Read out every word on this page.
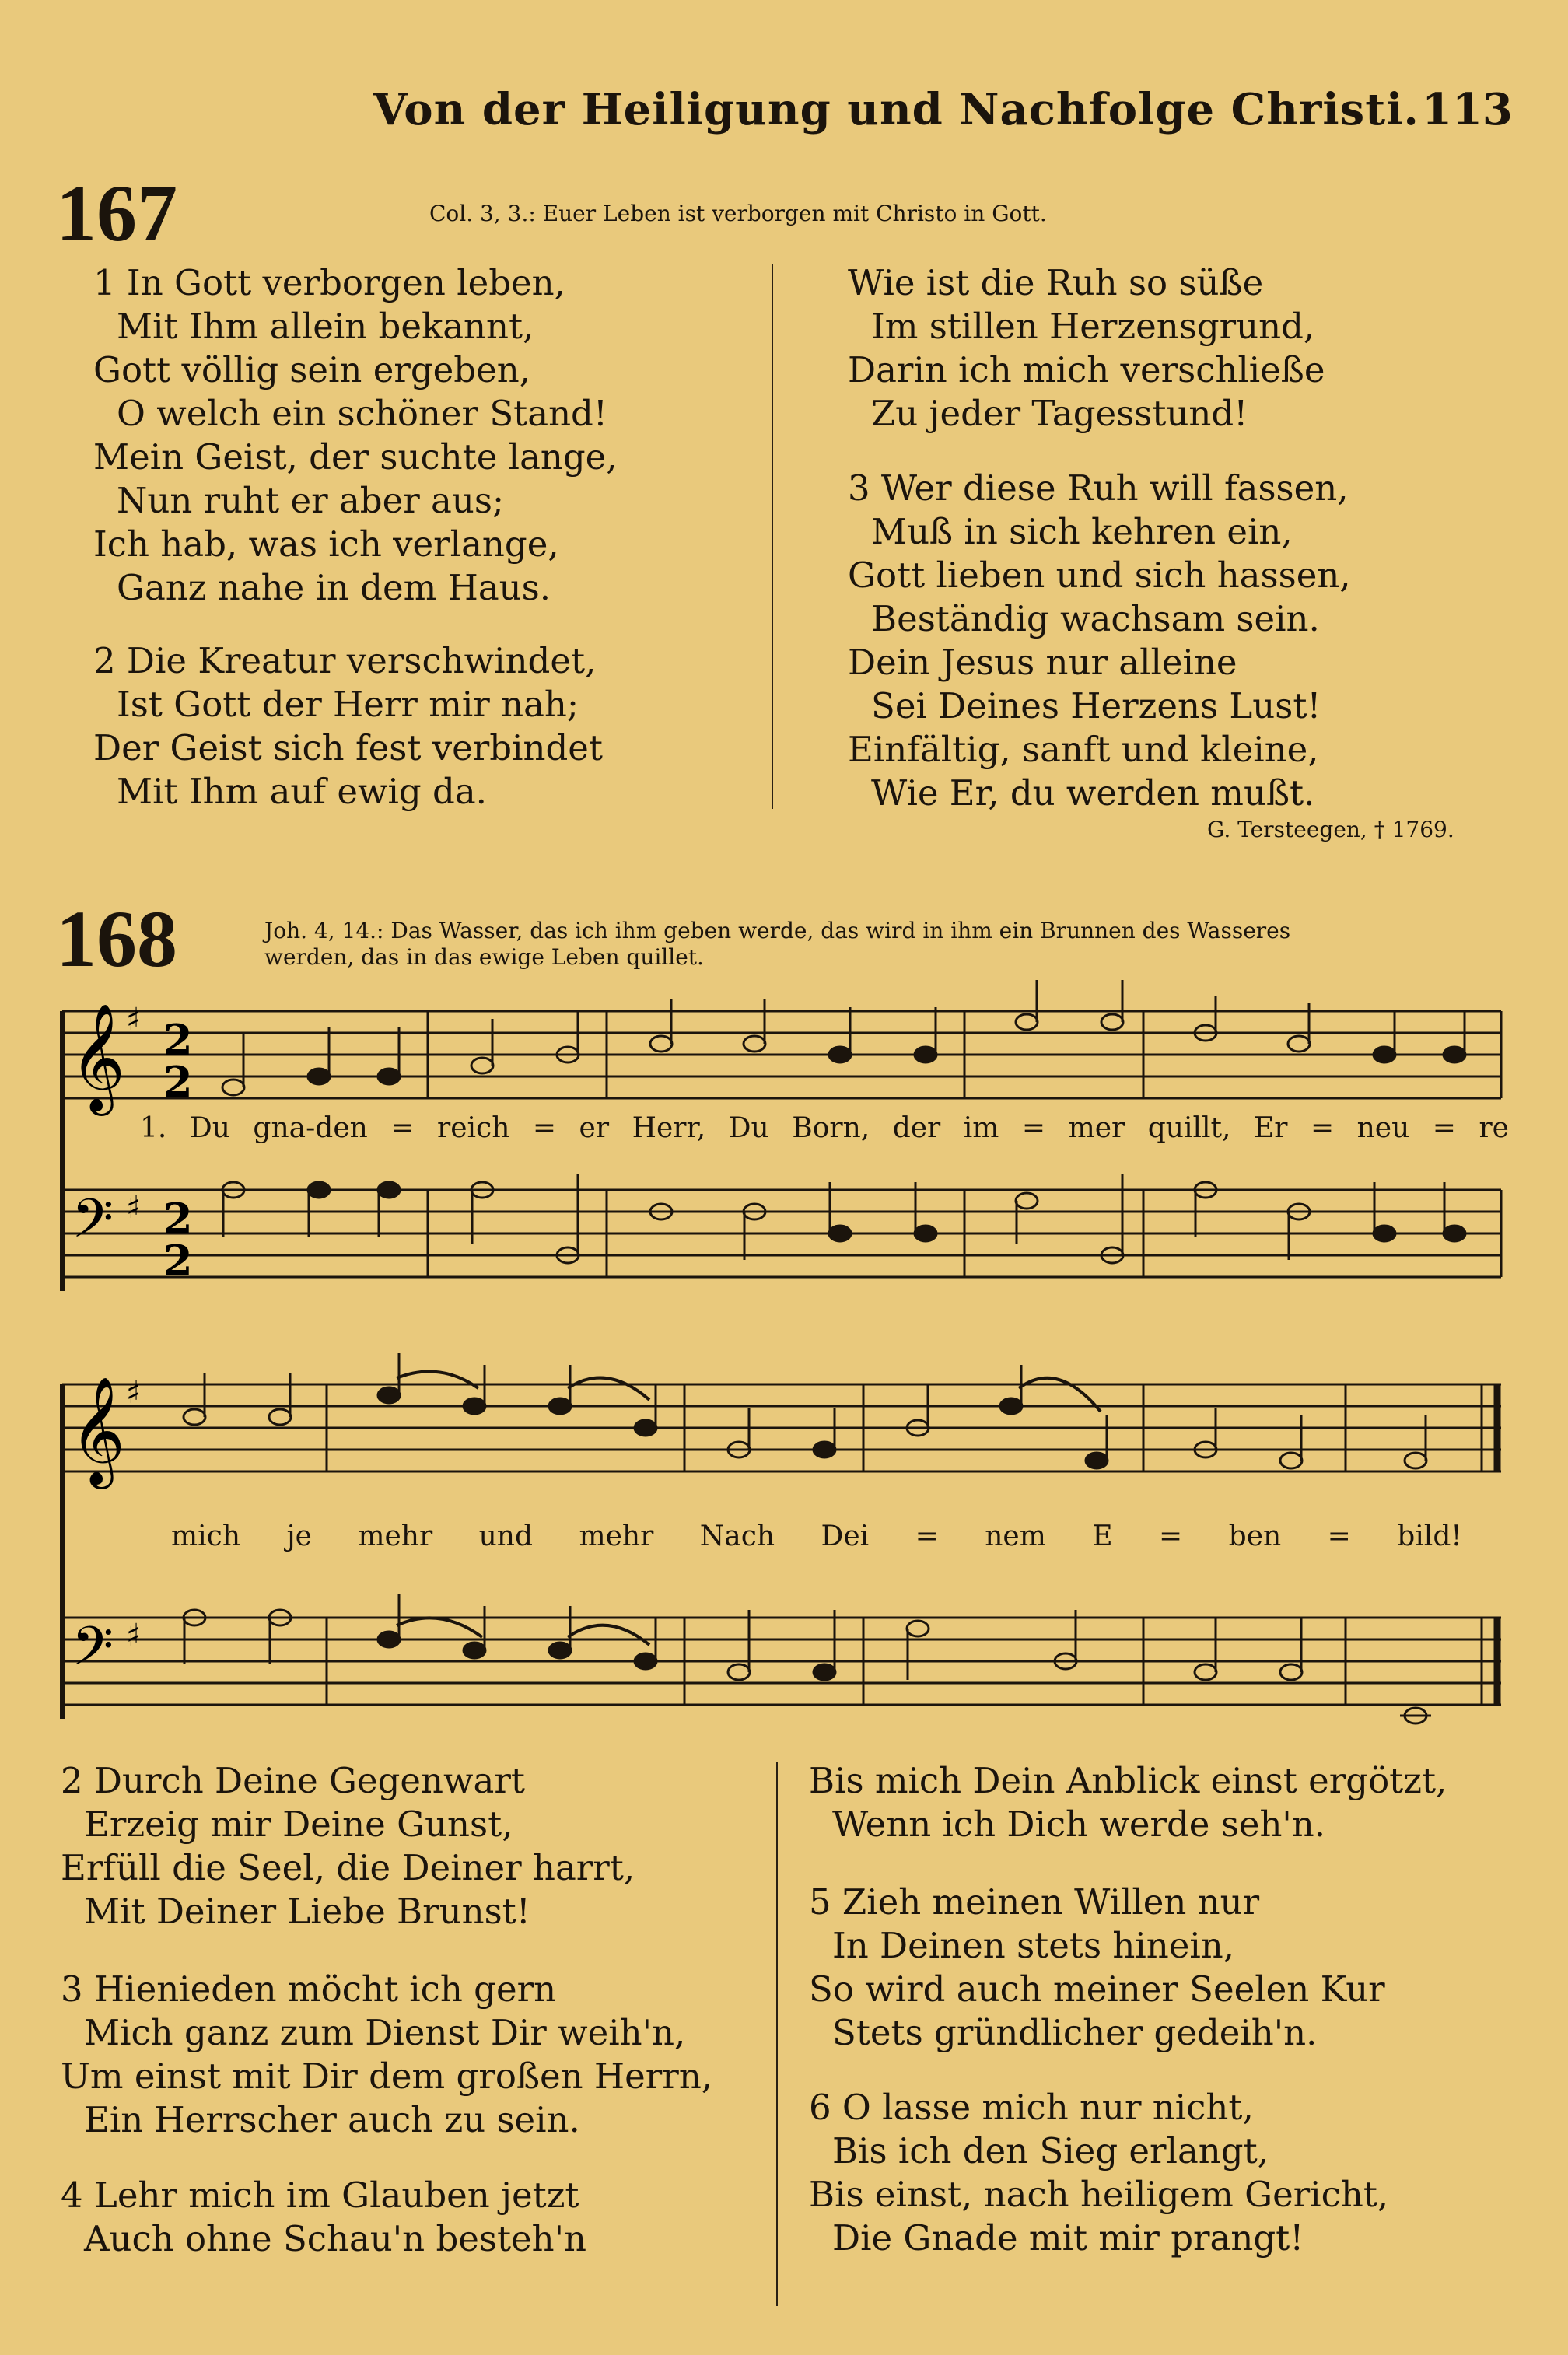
Von der Heiligung und Nachfolge Christi. 113
167	Col. 3, 3.: Euer Leben ist verborgen mit Christo in Gott.
1 In Gott verborgen leben,
Mit Ihm allein bekannt,
Gott völlig sein ergeben,
O welch ein schöner Stand!
Mein Geist, der suchte lange,
Nun ruht er aber aus;
Ich hab, was ich verlange,
Ganz nahe in dem Haus.
2 Die Kreatur verschwindet,
Ist Gott der Herr mir nah;
Der Geist sich fest verbindet
Mit Ihm auf ewig da.
Wie ist die Ruh so süße
Im stillen Herzensgrund,
Darin ich mich verschließe
Zu jeder Tagesstund!
3 Wer diese Ruh will fassen,
Muß in sich kehren ein,
Gott lieben und sich hassen,
Beständig wachsam sein.
Dein Jesus nur alleine
Sei Deines Herzens Lust!
Einfältig, sanft und kleine,
Wie Er, du werden mußt.
G. Tersteegen, † 1769.
168	Joh. 4, 14.: Das Wasser, das ich ihm geben werde, das wird in ihm ein Brunnen des Wasseres
werden, das in das ewige Leben quillet.
𝄞 ♯ 2
2
1. Du gna-den = reich = er Herr, Du Born, der im = mer quillt, Er = neu = re
𝄢 ♯ 2
2
𝄞 ♯
mich je mehr und mehr Nach Dei = nem E = ben = bild!
𝄢 ♯
2 Durch Deine Gegenwart
Erzeig mir Deine Gunst,
Erfüll die Seel, die Deiner harrt,
Mit Deiner Liebe Brunst!
3 Hienieden möcht ich gern
Mich ganz zum Dienst Dir weih'n,
Um einst mit Dir dem großen Herrn,
Ein Herrscher auch zu sein.
4 Lehr mich im Glauben jetzt
Auch ohne Schau'n besteh'n
Bis mich Dein Anblick einst ergötzt,
Wenn ich Dich werde seh'n.
5 Zieh meinen Willen nur
In Deinen stets hinein,
So wird auch meiner Seelen Kur
Stets gründlicher gedeih'n.
6 O lasse mich nur nicht,
Bis ich den Sieg erlangt,
Bis einst, nach heiligem Gericht,
Die Gnade mit mir prangt!
